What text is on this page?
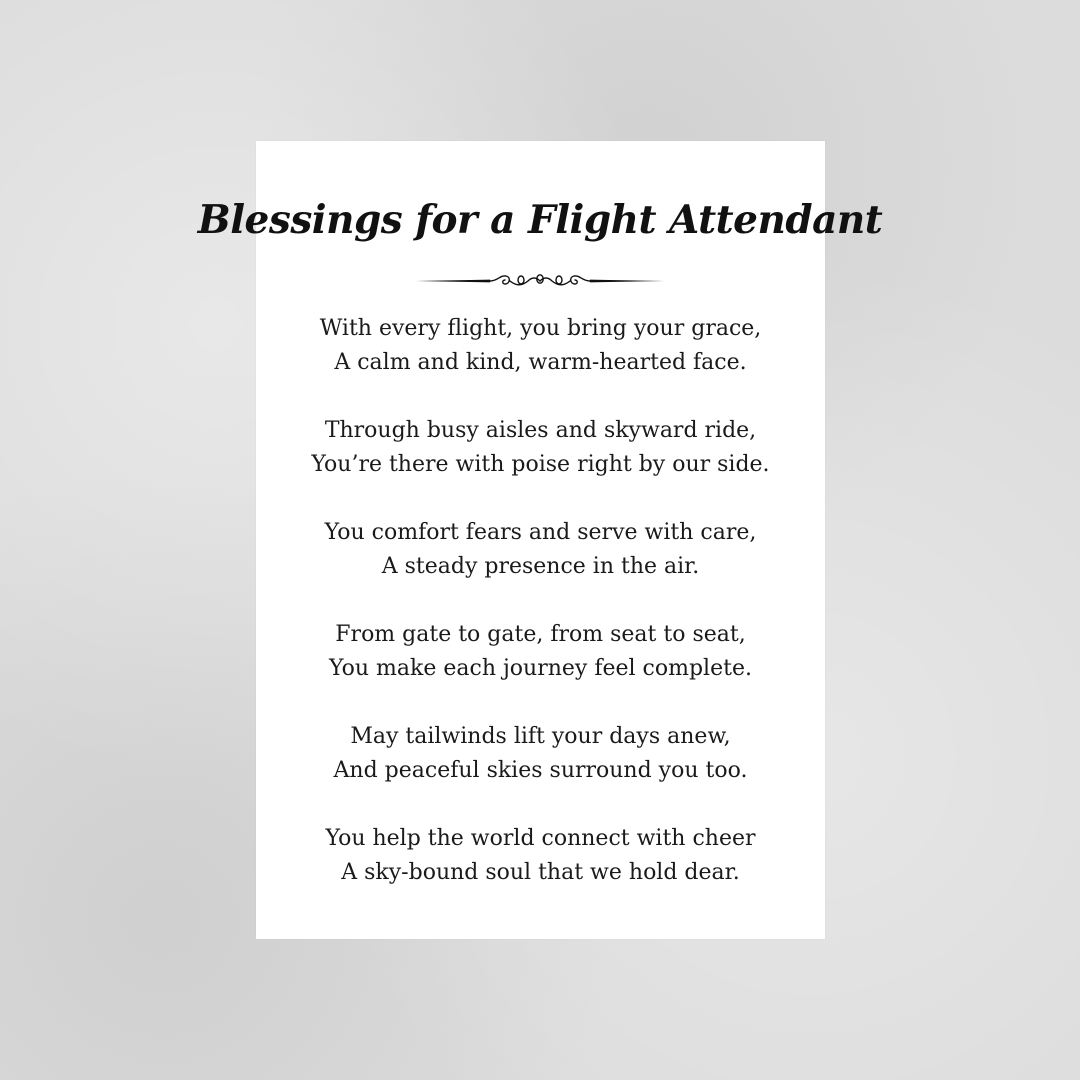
Blessings for a Flight Attendant

With every flight, you bring your grace,
A calm and kind, warm-hearted face.

Through busy aisles and skyward ride,
You’re there with poise right by our side.

You comfort fears and serve with care,
A steady presence in the air.

From gate to gate, from seat to seat,
You make each journey feel complete.

May tailwinds lift your days anew,
And peaceful skies surround you too.

You help the world connect with cheer
A sky-bound soul that we hold dear.
